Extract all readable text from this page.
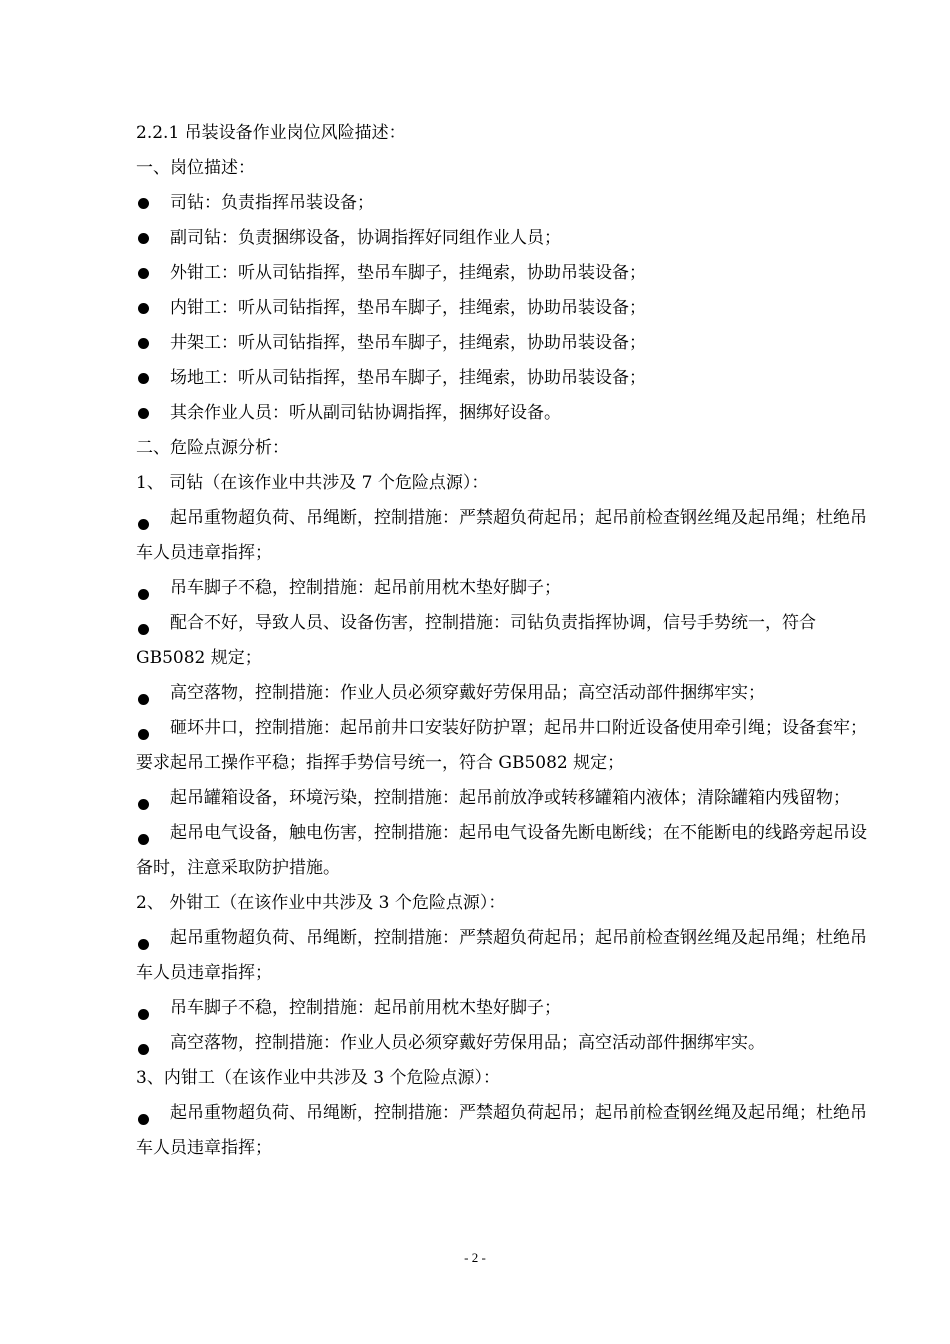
2.2.1 吊装设备作业岗位风险描述：
一、岗位描述：
司钻：负责指挥吊装设备；
副司钻：负责捆绑设备，协调指挥好同组作业人员；
外钳工：听从司钻指挥，垫吊车脚子，挂绳索，协助吊装设备；
内钳工：听从司钻指挥，垫吊车脚子，挂绳索，协助吊装设备；
井架工：听从司钻指挥，垫吊车脚子，挂绳索，协助吊装设备；
场地工：听从司钻指挥，垫吊车脚子，挂绳索，协助吊装设备；
其余作业人员：听从副司钻协调指挥，捆绑好设备。
二、危险点源分析：
1、 司钻（在该作业中共涉及 7 个危险点源）：
起吊重物超负荷、吊绳断，控制措施：严禁超负荷起吊；起吊前检查钢丝绳及起吊绳；杜绝吊车人员违章指挥；
吊车脚子不稳，控制措施：起吊前用枕木垫好脚子；
配合不好，导致人员、设备伤害，控制措施：司钻负责指挥协调，信号手势统一，符合 GB5082 规定；
高空落物，控制措施：作业人员必须穿戴好劳保用品；高空活动部件捆绑牢实；
砸坏井口，控制措施：起吊前井口安装好防护罩；起吊井口附近设备使用牵引绳；设备套牢；要求起吊工操作平稳；指挥手势信号统一，符合 GB5082 规定；
起吊罐箱设备，环境污染，控制措施：起吊前放净或转移罐箱内液体；清除罐箱内残留物；
起吊电气设备，触电伤害，控制措施：起吊电气设备先断电断线；在不能断电的线路旁起吊设备时，注意采取防护措施。
2、 外钳工（在该作业中共涉及 3 个危险点源）：
起吊重物超负荷、吊绳断，控制措施：严禁超负荷起吊；起吊前检查钢丝绳及起吊绳；杜绝吊车人员违章指挥；
吊车脚子不稳，控制措施：起吊前用枕木垫好脚子；
高空落物，控制措施：作业人员必须穿戴好劳保用品；高空活动部件捆绑牢实。
3、内钳工（在该作业中共涉及 3 个危险点源）：
起吊重物超负荷、吊绳断，控制措施：严禁超负荷起吊；起吊前检查钢丝绳及起吊绳；杜绝吊车人员违章指挥；
- 2 -
